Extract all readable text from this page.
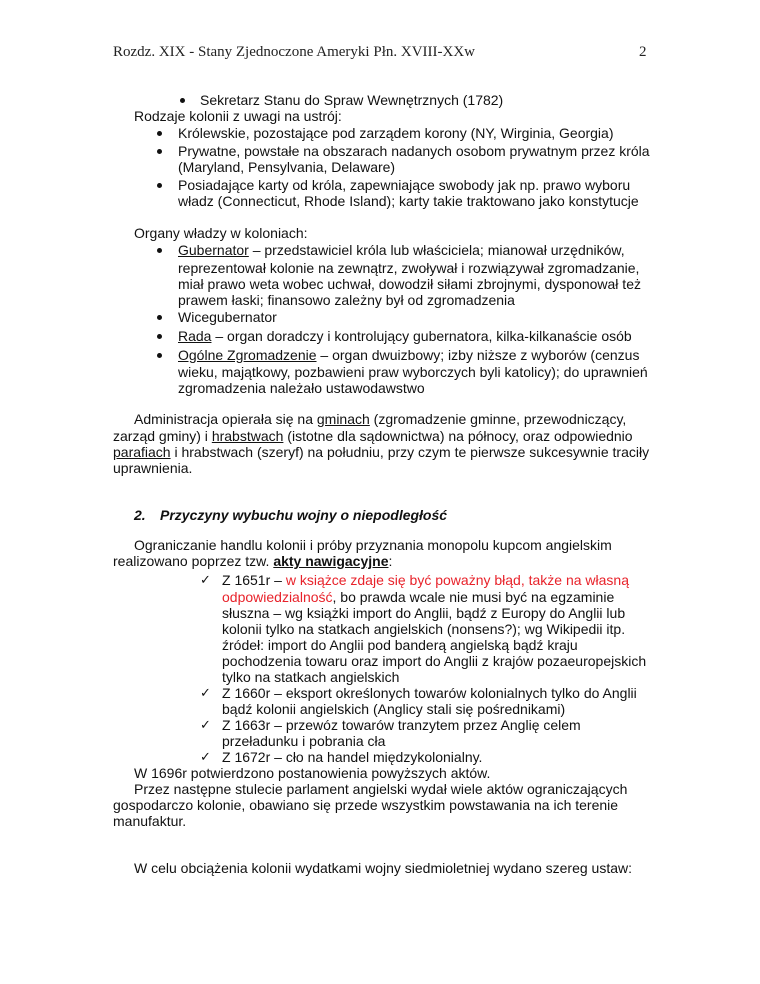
Rozdz. XIX - Stany Zjednoczone Ameryki Płn. XVIII-XXw	2
Sekretarz Stanu do Spraw Wewnętrznych (1782)
Rodzaje kolonii z uwagi na ustrój:
Królewskie, pozostające pod zarządem korony (NY, Wirginia, Georgia)
Prywatne, powstałe na obszarach nadanych osobom prywatnym przez króla
(Maryland, Pensylvania, Delaware)
Posiadające karty od króla, zapewniające swobody jak np. prawo wyboru
władz (Connecticut, Rhode Island); karty takie traktowano jako konstytucje
Organy władzy w koloniach:
Gubernator – przedstawiciel króla lub właściciela; mianował urzędników,
reprezentował kolonie na zewnątrz, zwoływał i rozwiązywał zgromadzanie,
miał prawo weta wobec uchwał, dowodził siłami zbrojnymi, dysponował też
prawem łaski; finansowo zależny był od zgromadzenia
Wicegubernator
Rada – organ doradczy i kontrolujący gubernatora, kilka-kilkanaście osób
Ogólne Zgromadzenie – organ dwuizbowy; izby niższe z wyborów (cenzus
wieku, majątkowy, pozbawieni praw wyborczych byli katolicy); do uprawnień
zgromadzenia należało ustawodawstwo
Administracja opierała się na gminach (zgromadzenie gminne, przewodniczący,
zarząd gminy) i hrabstwach (istotne dla sądownictwa) na północy, oraz odpowiednio
parafiach i hrabstwach (szeryf) na południu, przy czym te pierwsze sukcesywnie traciły
uprawnienia.
2. Przyczyny wybuchu wojny o niepodległość
Ograniczanie handlu kolonii i próby przyznania monopolu kupcom angielskim
realizowano poprzez tzw. akty nawigacyjne:
✓ Z 1651r – w książce zdaje się być poważny błąd, także na własną
odpowiedzialność, bo prawda wcale nie musi być na egzaminie
słuszna – wg książki import do Anglii, bądź z Europy do Anglii lub
kolonii tylko na statkach angielskich (nonsens?); wg Wikipedii itp.
źródeł: import do Anglii pod banderą angielską bądź kraju
pochodzenia towaru oraz import do Anglii z krajów pozaeuropejskich
tylko na statkach angielskich
✓ Z 1660r – eksport określonych towarów kolonialnych tylko do Anglii
bądź kolonii angielskich (Anglicy stali się pośrednikami)
✓ Z 1663r – przewóz towarów tranzytem przez Anglię celem
przeładunku i pobrania cła
✓ Z 1672r – cło na handel międzykolonialny.
W 1696r potwierdzono postanowienia powyższych aktów.
Przez następne stulecie parlament angielski wydał wiele aktów ograniczających
gospodarczo kolonie, obawiano się przede wszystkim powstawania na ich terenie
manufaktur.
W celu obciążenia kolonii wydatkami wojny siedmioletniej wydano szereg ustaw:
